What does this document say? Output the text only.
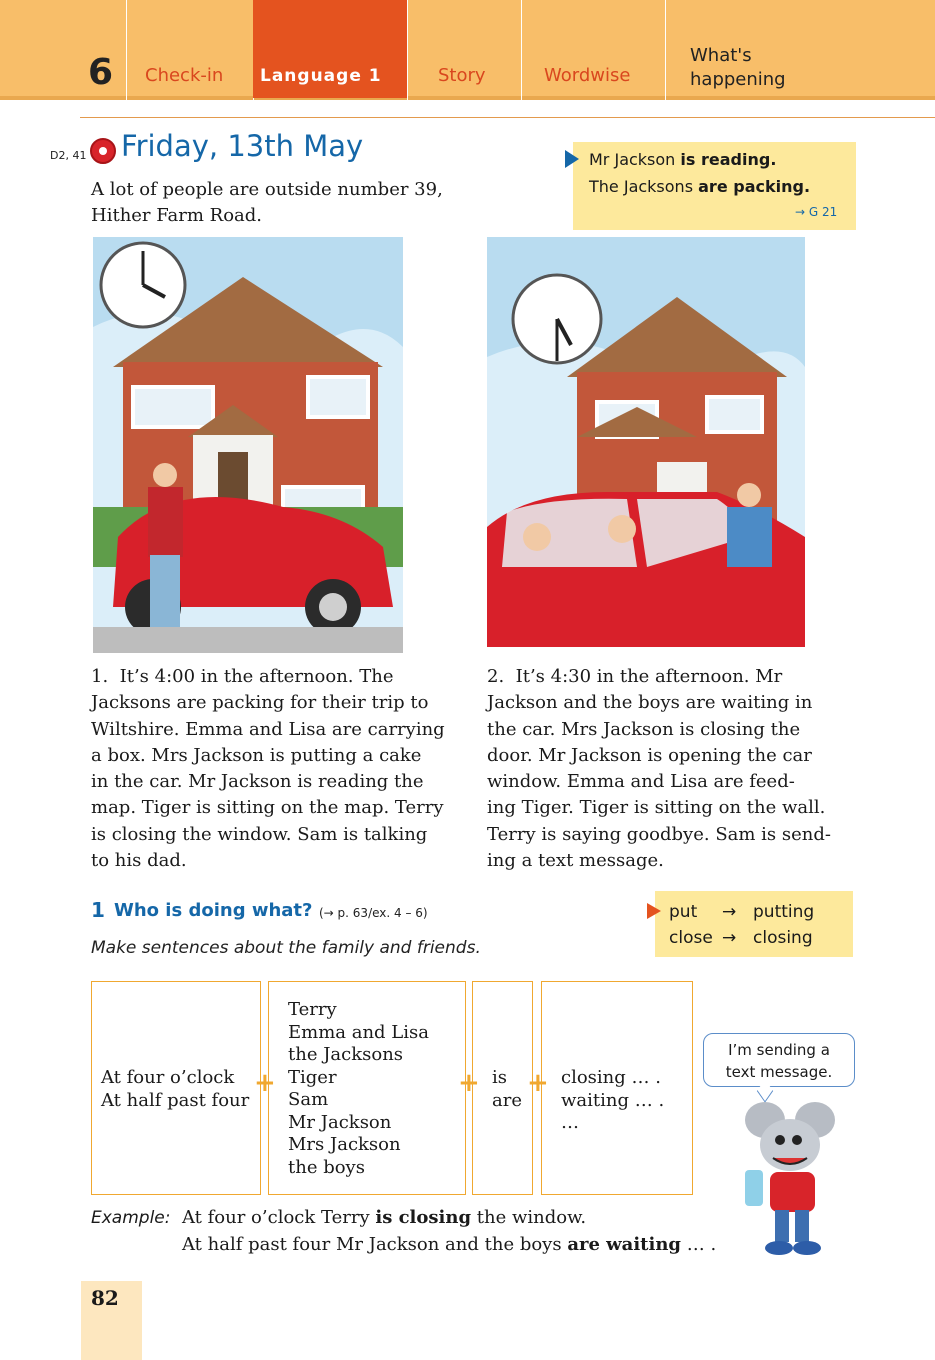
6 Check-in Language 1	Story	Wordwise
What's
happening
D2, 41 Friday, 13th May
A lot of people are outside number 39, Hither Farm Road.
Mr Jackson is reading.
The Jacksons are packing.
→ G 21
1.  It’s 4:00 in the afternoon. The
Jacksons are packing for their trip to
Wiltshire. Emma and Lisa are carrying
a box. Mrs Jackson is putting a cake
in the car. Mr Jackson is reading the
map. Tiger is sitting on the map. Terry
is closing the window. Sam is talking
to his dad.
2.  It’s 4:30 in the afternoon. Mr
Jackson and the boys are waiting in
the car. Mrs Jackson is closing the
door. Mr Jackson is opening the car
window. Emma and Lisa are feed-
ing Tiger. Tiger is sitting on the wall.
Terry is saying goodbye. Sam is send-
ing a text message.
1 Who is doing what? (→ p. 63/ex. 4 – 6)
Make sentences about the family and friends.
put → putting
close → closing
At four o’clock
At half past four
+
Terry
Emma and Lisa
the Jacksons
Tiger
Sam
Mr Jackson
Mrs Jackson
the boys
+ is
are
+ closing … .
waiting … .
…
I’m sending a
text message.
Example: At four o’clock Terry is closing the window.
At half past four Mr Jackson and the boys are waiting … .
82
